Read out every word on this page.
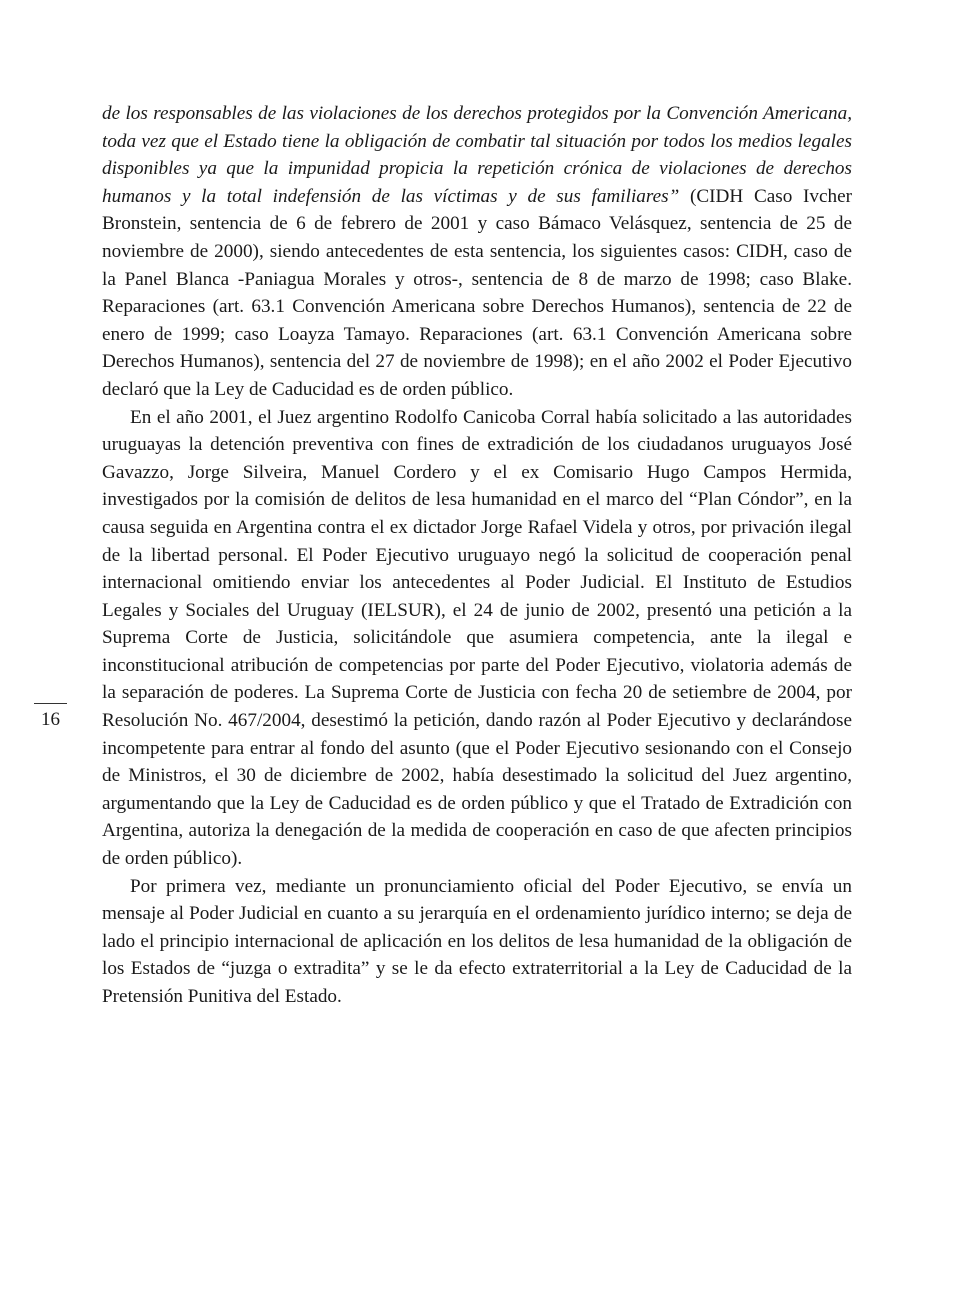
de los responsables de las violaciones de los derechos protegidos por la Convención Americana, toda vez que el Estado tiene la obligación de combatir tal situación por todos los medios legales disponibles ya que la impunidad propicia la repetición crónica de violaciones de derechos humanos y la total indefensión de las víctimas y de sus familiares” (CIDH Caso Ivcher Bronstein, sentencia de 6 de febrero de 2001 y caso Bámaco Velásquez, sentencia de 25 de noviembre de 2000), siendo antecedentes de esta sentencia, los siguientes casos: CIDH, caso de la Panel Blanca -Paniagua Morales y otros-, sentencia de 8 de marzo de 1998; caso Blake. Reparaciones (art. 63.1 Convención Americana sobre Derechos Humanos), sentencia de 22 de enero de 1999; caso Loayza Tamayo. Reparaciones (art. 63.1 Convención Americana sobre Derechos Humanos), sentencia del 27 de noviembre de 1998); en el año 2002 el Poder Ejecutivo declaró que la Ley de Caducidad es de orden público.

En el año 2001, el Juez argentino Rodolfo Canicoba Corral había solicitado a las autoridades uruguayas la detención preventiva con fines de extradición de los ciudadanos uruguayos José Gavazzo, Jorge Silveira, Manuel Cordero y el ex Comisario Hugo Campos Hermida, investigados por la comisión de delitos de lesa humanidad en el marco del “Plan Cóndor”, en la causa seguida en Argentina contra el ex dictador Jorge Rafael Videla y otros, por privación ilegal de la libertad personal. El Poder Ejecutivo uruguayo negó la solicitud de cooperación penal internacional omitiendo enviar los antecedentes al Poder Judicial. El Instituto de Estudios Legales y Sociales del Uruguay (IELSUR), el 24 de junio de 2002, presentó una petición a la Suprema Corte de Justicia, solicitándole que asumiera competencia, ante la ilegal e inconstitucional atribución de competencias por parte del Poder Ejecutivo, violatoria además de la separación de poderes. La Suprema Corte de Justicia con fecha 20 de setiembre de 2004, por Resolución No. 467/2004, desestimó la petición, dando razón al Poder Ejecutivo y declarándose incompetente para entrar al fondo del asunto (que el Poder Ejecutivo sesionando con el Consejo de Ministros, el 30 de diciembre de 2002, había desestimado la solicitud del Juez argentino, argumentando que la Ley de Caducidad es de orden público y que el Tratado de Extradición con Argentina, autoriza la denegación de la medida de cooperación en caso de que afecten principios de orden público).

Por primera vez, mediante un pronunciamiento oficial del Poder Ejecutivo, se envía un mensaje al Poder Judicial en cuanto a su jerarquía en el ordenamiento jurídico interno; se deja de lado el principio internacional de aplicación en los delitos de lesa humanidad de la obligación de los Estados de “juzga o extradita” y se le da efecto extraterritorial a la Ley de Caducidad de la Pretensión Punitiva del Estado.

16
